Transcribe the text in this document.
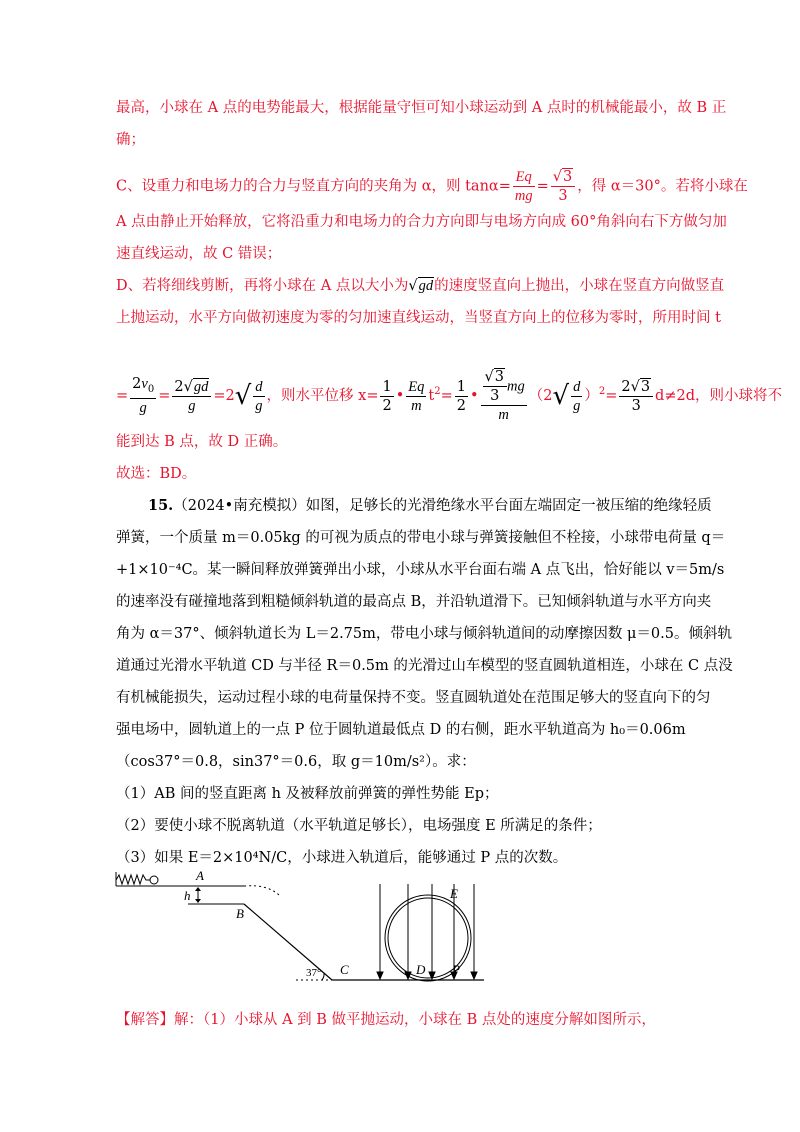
最高，小球在 A 点的电势能最大，根据能量守恒可知小球运动到 A 点时的机械能最小，故 B 正
确；
C、设重力和电场力的合力与竖直方向的夹角为 α，则 $\tan\alpha= \frac{Eq}{mg} = \frac{√3}{3}$ ，得 α＝30°。若将小球在
A 点由静止开始释放，它将沿重力和电场力的合力方向即与电场方向成 60°角斜向右下方做匀加
速直线运动，故 C 错误；
D、若将细线剪断，再将小球在 A 点以大小为√gd的速度竖直向上抛出，小球在竖直方向做竖直
上抛运动，水平方向做初速度为零的匀加速直线运动，当竖直方向上的位移为零时，所用时间 t
= $\frac{2v_0}{g} = \frac{2√gd}{g} =2√ \frac{d}{g}$ ，则水平位移 $x= \frac{1}{2}$ • $\frac{Eq}{m} t^2= \frac{1}{2}$ • $\frac{\frac{√3}{3} mg}{m} (2√ \frac{d}{g} )^2= \frac{2√3}{3} d\ne 2d$，则小球将不
能到达 B 点，故 D 正确。
故选：BD。
15.（2024•南充模拟）如图，足够长的光滑绝缘水平台面左端固定一被压缩的绝缘轻质
弹簧，一个质量 m＝0.05kg 的可视为质点的带电小球与弹簧接触但不栓接，小球带电荷量 q＝
+1×10⁻⁴C。某一瞬间释放弹簧弹出小球，小球从水平台面右端 A 点飞出，恰好能以 v＝5m/s
的速率没有碰撞地落到粗糙倾斜轨道的最高点 B，并沿轨道滑下。已知倾斜轨道与水平方向夹
角为 α＝37°、倾斜轨道长为 L＝2.75m，带电小球与倾斜轨道间的动摩擦因数 μ＝0.5。倾斜轨
道通过光滑水平轨道 CD 与半径 R＝0.5m 的光滑过山车模型的竖直圆轨道相连，小球在 C 点没
有机械能损失，运动过程小球的电荷量保持不变。竖直圆轨道处在范围足够大的竖直向下的匀
强电场中，圆轨道上的一点 P 位于圆轨道最低点 D 的右侧，距水平轨道高为 h₀＝0.06m
（cos37°＝0.8，sin37°＝0.6，取 g＝10m/s²）。求：
（1）AB 间的竖直距离 h 及被释放前弹簧的弹性势能 Ep；
（2）要使小球不脱离轨道（水平轨道足够长），电场强度 E 所满足的条件；
（3）如果 E＝2×10⁴N/C，小球进入轨道后，能够通过 P 点的次数。
A
h
B
37° C	D P
E
【解答】解：（1）小球从 A 到 B 做平抛运动，小球在 B 点处的速度分解如图所示，
